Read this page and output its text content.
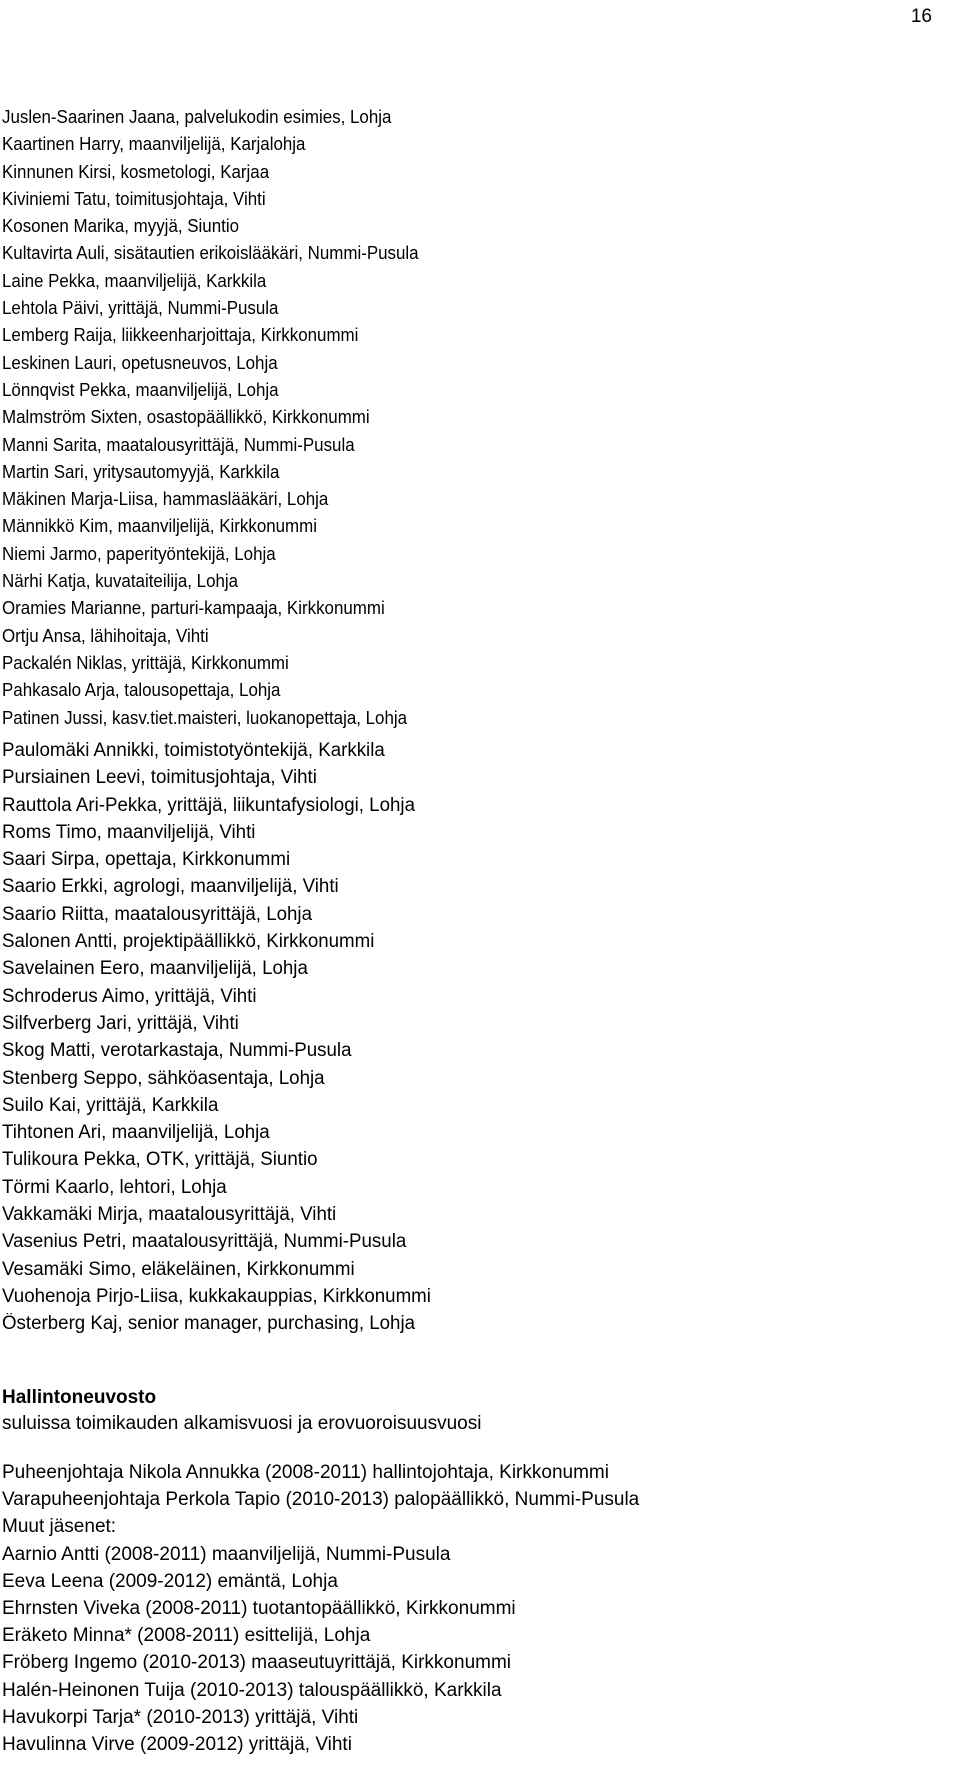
16
Juslen-Saarinen Jaana, palvelukodin esimies, Lohja
Kaartinen Harry, maanviljelijä, Karjalohja
Kinnunen Kirsi, kosmetologi, Karjaa
Kiviniemi Tatu, toimitusjohtaja, Vihti
Kosonen Marika, myyjä, Siuntio
Kultavirta Auli, sisätautien erikoislääkäri, Nummi-Pusula
Laine Pekka, maanviljelijä, Karkkila
Lehtola Päivi, yrittäjä, Nummi-Pusula
Lemberg Raija, liikkeenharjoittaja, Kirkkonummi
Leskinen Lauri, opetusneuvos, Lohja
Lönnqvist Pekka, maanviljelijä, Lohja
Malmström Sixten, osastopäällikkö, Kirkkonummi
Manni Sarita, maatalousyrittäjä, Nummi-Pusula
Martin Sari, yritysautomyyjä, Karkkila
Mäkinen Marja-Liisa, hammaslääkäri, Lohja
Männikkö Kim, maanviljelijä, Kirkkonummi
Niemi Jarmo, paperityöntekijä, Lohja
Närhi Katja, kuvataiteilija, Lohja
Oramies Marianne, parturi-kampaaja, Kirkkonummi
Ortju Ansa, lähihoitaja, Vihti
Packalén Niklas, yrittäjä, Kirkkonummi
Pahkasalo Arja, talousopettaja, Lohja
Patinen Jussi, kasv.tiet.maisteri, luokanopettaja, Lohja
Paulomäki Annikki, toimistotyöntekijä, Karkkila
Pursiainen Leevi, toimitusjohtaja, Vihti
Rauttola Ari-Pekka, yrittäjä, liikuntafysiologi, Lohja
Roms Timo, maanviljelijä, Vihti
Saari Sirpa, opettaja, Kirkkonummi
Saario Erkki, agrologi, maanviljelijä, Vihti
Saario Riitta, maatalousyrittäjä, Lohja
Salonen Antti, projektipäällikkö, Kirkkonummi
Savelainen Eero, maanviljelijä, Lohja
Schroderus Aimo, yrittäjä, Vihti
Silfverberg Jari, yrittäjä, Vihti
Skog Matti, verotarkastaja, Nummi-Pusula
Stenberg Seppo, sähköasentaja, Lohja
Suilo Kai, yrittäjä, Karkkila
Tihtonen Ari, maanviljelijä, Lohja
Tulikoura Pekka, OTK, yrittäjä, Siuntio
Törmi Kaarlo, lehtori, Lohja
Vakkamäki Mirja, maatalousyrittäjä, Vihti
Vasenius Petri, maatalousyrittäjä, Nummi-Pusula
Vesamäki Simo, eläkeläinen, Kirkkonummi
Vuohenoja Pirjo-Liisa, kukkakauppias, Kirkkonummi
Österberg Kaj, senior manager, purchasing, Lohja
Hallintoneuvosto
suluissa toimikauden alkamisvuosi ja erovuoroisuusvuosi
Puheenjohtaja Nikola Annukka (2008-2011) hallintojohtaja, Kirkkonummi
Varapuheenjohtaja Perkola Tapio (2010-2013) palopäällikkö, Nummi-Pusula
Muut jäsenet:
Aarnio Antti (2008-2011) maanviljelijä, Nummi-Pusula
Eeva Leena (2009-2012) emäntä, Lohja
Ehrnsten Viveka (2008-2011) tuotantopäällikkö, Kirkkonummi
Eräketo Minna* (2008-2011) esittelijä, Lohja
Fröberg Ingemo (2010-2013) maaseutuyrittäjä, Kirkkonummi
Halén-Heinonen Tuija (2010-2013) talouspäällikkö, Karkkila
Havukorpi Tarja* (2010-2013) yrittäjä, Vihti
Havulinna Virve (2009-2012) yrittäjä, Vihti
